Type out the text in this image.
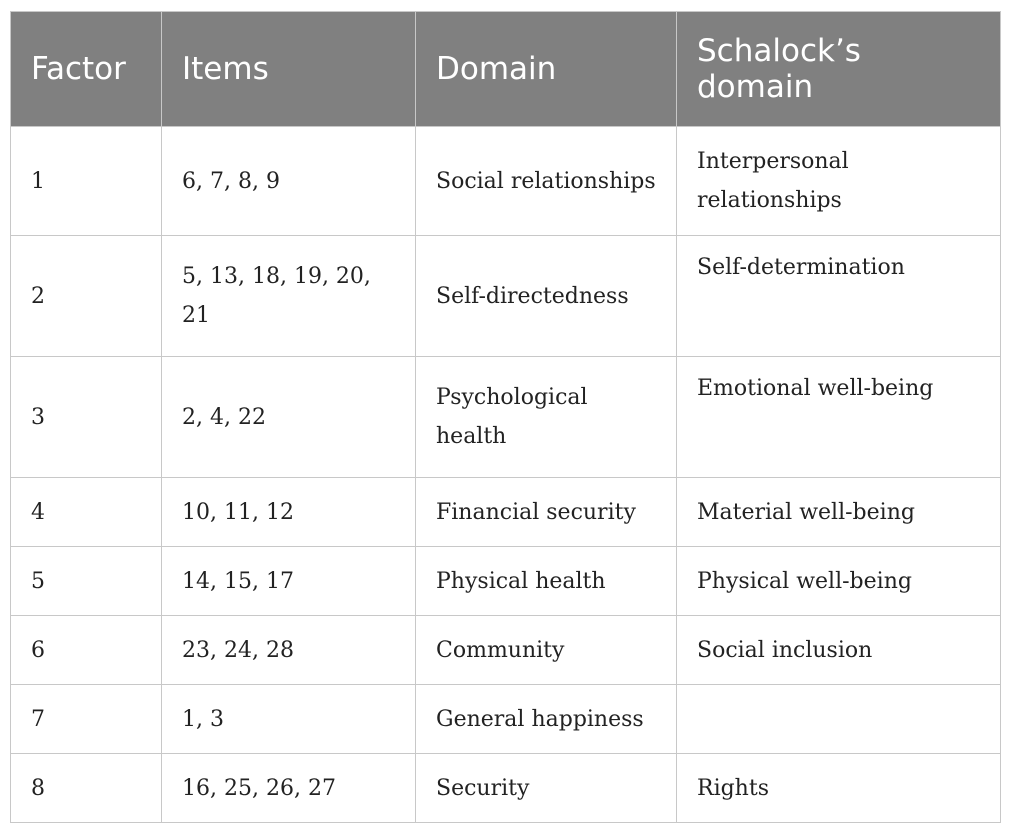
Factor	Items	Domain	Schalock’s domain
1	6, 7, 8, 9	Social relationships	Interpersonal relationships
2	5, 13, 18, 19, 20, 21	Self-directedness	Self-determination
3	2, 4, 22	Psychological health	Emotional well-being
4	10, 11, 12	Financial security	Material well-being
5	14, 15, 17	Physical health	Physical well-being
6	23, 24, 28	Community	Social inclusion
7	1, 3	General happiness	
8	16, 25, 26, 27	Security	Rights
